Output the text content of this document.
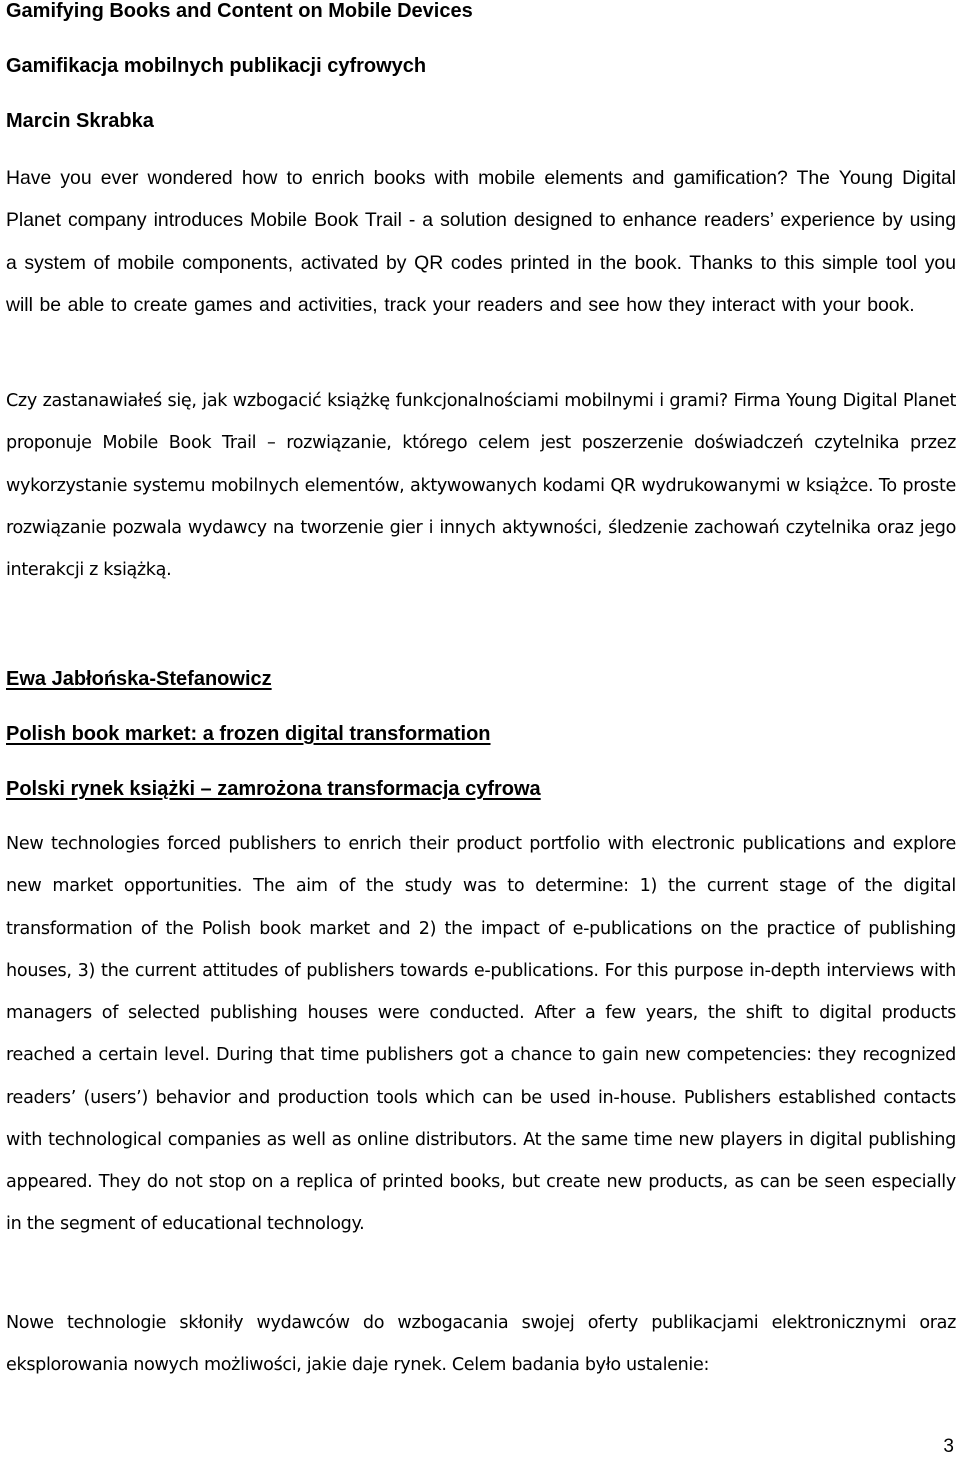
Gamifying Books and Content on Mobile Devices
Gamifikacja mobilnych publikacji cyfrowych
Marcin Skrabka

Have you ever wondered how to enrich books with mobile elements and gamification? The Young Digital Planet company introduces Mobile Book Trail - a solution designed to enhance readers’ experience by using a system of mobile components, activated by QR codes printed in the book. Thanks to this simple tool you will be able to create games and activities, track your readers and see how they interact with your book.

Czy zastanawiałeś się, jak wzbogacić książkę funkcjonalnościami mobilnymi i grami? Firma Young Digital Planet proponuje Mobile Book Trail – rozwiązanie, którego celem jest poszerzenie doświadczeń czytelnika przez wykorzystanie systemu mobilnych elementów, aktywowanych kodami QR wydrukowanymi w książce. To proste rozwiązanie pozwala wydawcy na tworzenie gier i innych aktywności, śledzenie zachowań czytelnika oraz jego interakcji z książką.

Ewa Jabłońska-Stefanowicz
Polish book market: a frozen digital transformation
Polski rynek książki – zamrożona transformacja cyfrowa

New technologies forced publishers to enrich their product portfolio with electronic publications and explore new market opportunities. The aim of the study was to determine: 1) the current stage of the digital transformation of the Polish book market and 2) the impact of e-publications on the practice of publishing houses, 3) the current attitudes of publishers towards e-publications. For this purpose in-depth interviews with managers of selected publishing houses were conducted. After a few years, the shift to digital products reached a certain level. During that time publishers got a chance to gain new competencies: they recognized readers’ (users’) behavior and production tools which can be used in-house. Publishers established contacts with technological companies as well as online distributors. At the same time new players in digital publishing appeared. They do not stop on a replica of printed books, but create new products, as can be seen especially in the segment of educational technology.

Nowe technologie skłoniły wydawców do wzbogacania swojej oferty publikacjami elektronicznymi oraz eksplorowania nowych możliwości, jakie daje rynek. Celem badania było ustalenie:

3
